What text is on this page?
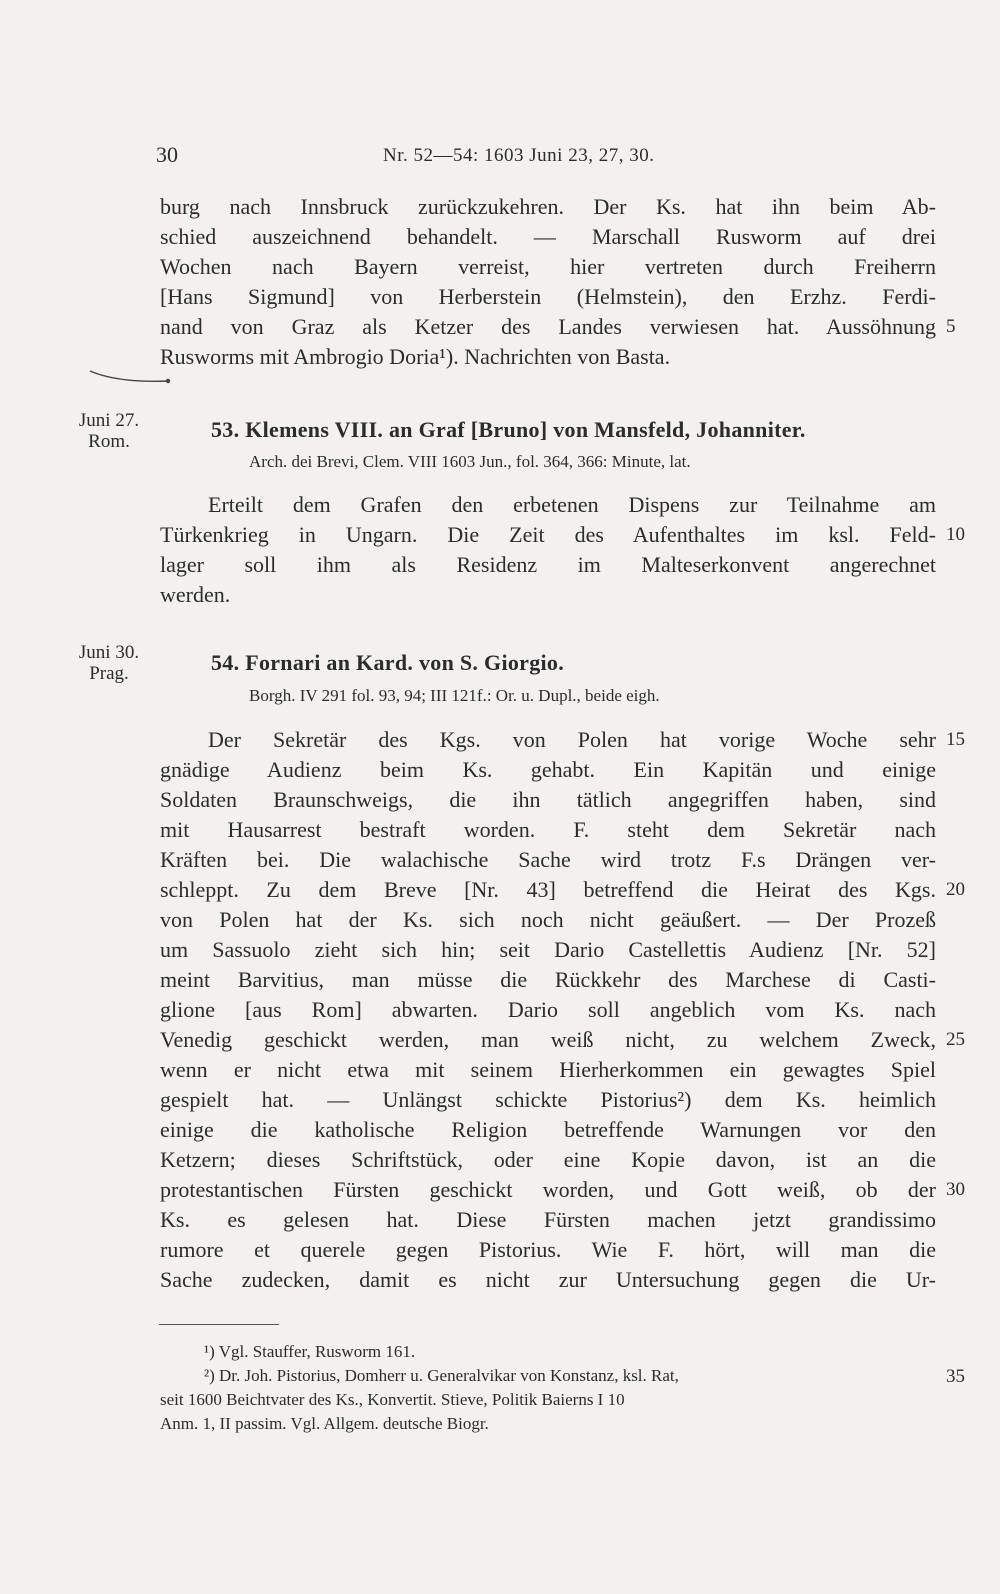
30	Nr. 52—54: 1603 Juni 23, 27, 30.
burg nach Innsbruck zurückzukehren. Der Ks. hat ihn beim Ab-
schied auszeichnend behandelt. — Marschall Rusworm auf drei
Wochen nach Bayern verreist, hier vertreten durch Freiherrn
[Hans Sigmund] von Herberstein (Helmstein), den Erzhz. Ferdi-
nand von Graz als Ketzer des Landes verwiesen hat. Aussöhnung
Rusworms mit Ambrogio Doria¹). Nachrichten von Basta.
5
Juni 27.
Rom.	53. Klemens VIII. an Graf [Bruno] von Mansfeld, Johanniter.
Arch. dei Brevi, Clem. VIII 1603 Jun., fol. 364, 366: Minute, lat.
Erteilt dem Grafen den erbetenen Dispens zur Teilnahme am
Türkenkrieg in Ungarn. Die Zeit des Aufenthaltes im ksl. Feld-
lager soll ihm als Residenz im Malteserkonvent angerechnet
werden.
10
Juni 30.
Prag.	54. Fornari an Kard. von S. Giorgio.
Borgh. IV 291 fol. 93, 94; III 121f.: Or. u. Dupl., beide eigh.
Der Sekretär des Kgs. von Polen hat vorige Woche sehr
gnädige Audienz beim Ks. gehabt. Ein Kapitän und einige
Soldaten Braunschweigs, die ihn tätlich angegriffen haben, sind
mit Hausarrest bestraft worden. F. steht dem Sekretär nach
Kräften bei. Die walachische Sache wird trotz F.s Drängen ver-
schleppt. Zu dem Breve [Nr. 43] betreffend die Heirat des Kgs.
von Polen hat der Ks. sich noch nicht geäußert. — Der Prozeß
um Sassuolo zieht sich hin; seit Dario Castellettis Audienz [Nr. 52]
meint Barvitius, man müsse die Rückkehr des Marchese di Casti-
glione [aus Rom] abwarten. Dario soll angeblich vom Ks. nach
Venedig geschickt werden, man weiß nicht, zu welchem Zweck,
wenn er nicht etwa mit seinem Hierherkommen ein gewagtes Spiel
gespielt hat. — Unlängst schickte Pistorius²) dem Ks. heimlich
einige die katholische Religion betreffende Warnungen vor den
Ketzern; dieses Schriftstück, oder eine Kopie davon, ist an die
protestantischen Fürsten geschickt worden, und Gott weiß, ob der
Ks. es gelesen hat. Diese Fürsten machen jetzt grandissimo
rumore et querele gegen Pistorius. Wie F. hört, will man die
Sache zudecken, damit es nicht zur Untersuchung gegen die Ur-
15
20
25
30
¹) Vgl. Stauffer, Rusworm 161.
²) Dr. Joh. Pistorius, Domherr u. Generalvikar von Konstanz, ksl. Rat,
seit 1600 Beichtvater des Ks., Konvertit. Stieve, Politik Baierns I 10
Anm. 1, II passim. Vgl. Allgem. deutsche Biogr.
35
